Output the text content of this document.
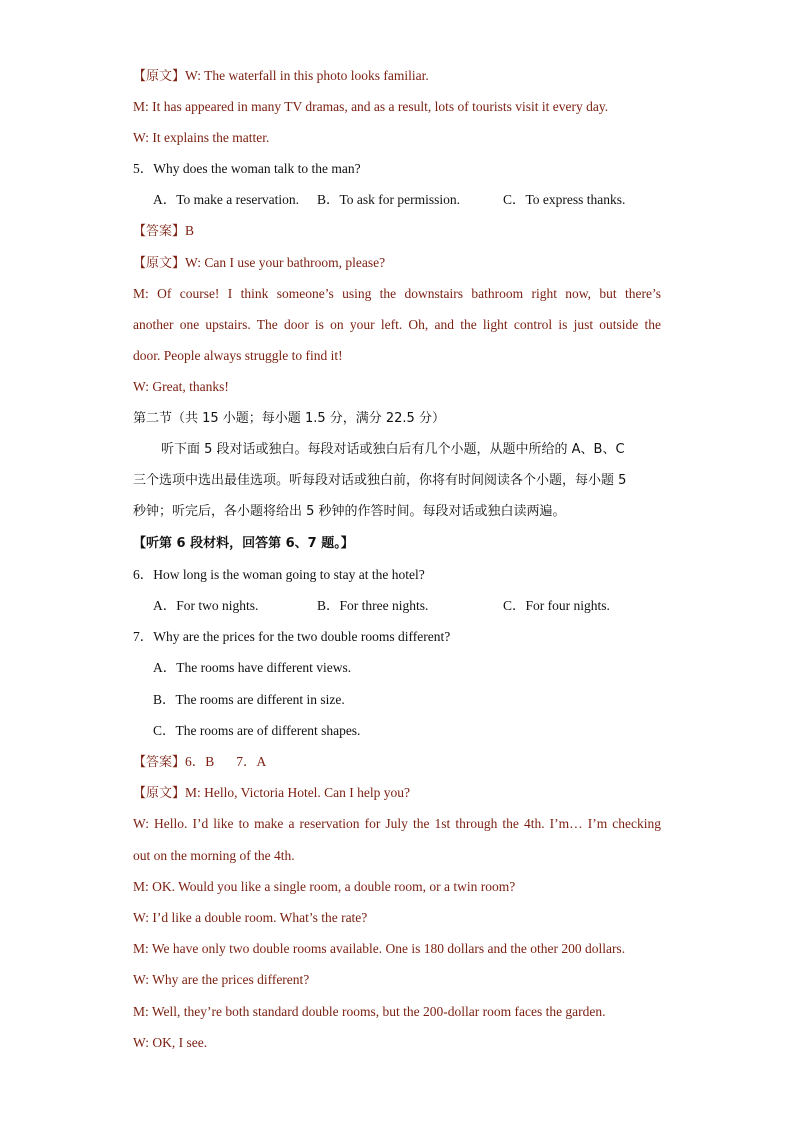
【原文】W: The waterfall in this photo looks familiar.
M: It has appeared in many TV dramas, and as a result, lots of tourists visit it every day.
W: It explains the matter.
5．Why does the woman talk to the man?
A．To make a reservation. B．To ask for permission.	C．To express thanks.
【答案】B
【原文】W: Can I use your bathroom, please?
M: Of course! I think someone’s using the downstairs bathroom right now, but there’s
another one upstairs. The door is on your left. Oh, and the light control is just outside the
door. People always struggle to find it!
W: Great, thanks!
第二节（共 15 小题；每小题 1.5 分，满分 22.5 分）
听下面 5 段对话或独白。每段对话或独白后有几个小题，从题中所给的 A、B、C
三个选项中选出最佳选项。听每段对话或独白前，你将有时间阅读各个小题，每小题 5
秒钟；听完后，各小题将给出 5 秒钟的作答时间。每段对话或独白读两遍。
【听第 6 段材料，回答第 6、7 题。】
6．How long is the woman going to stay at the hotel?
A．For two nights.	B．For three nights.	C．For four nights.
7．Why are the prices for the two double rooms different?
A．The rooms have different views.
B．The rooms are different in size.
C．The rooms are of different shapes.
【答案】6．B 7．A
【原文】M: Hello, Victoria Hotel. Can I help you?
W: Hello. I’d like to make a reservation for July the 1st through the 4th. I’m… I’m checking
out on the morning of the 4th.
M: OK. Would you like a single room, a double room, or a twin room?
W: I’d like a double room. What’s the rate?
M: We have only two double rooms available. One is 180 dollars and the other 200 dollars.
W: Why are the prices different?
M: Well, they’re both standard double rooms, but the 200-dollar room faces the garden.
W: OK, I see.
